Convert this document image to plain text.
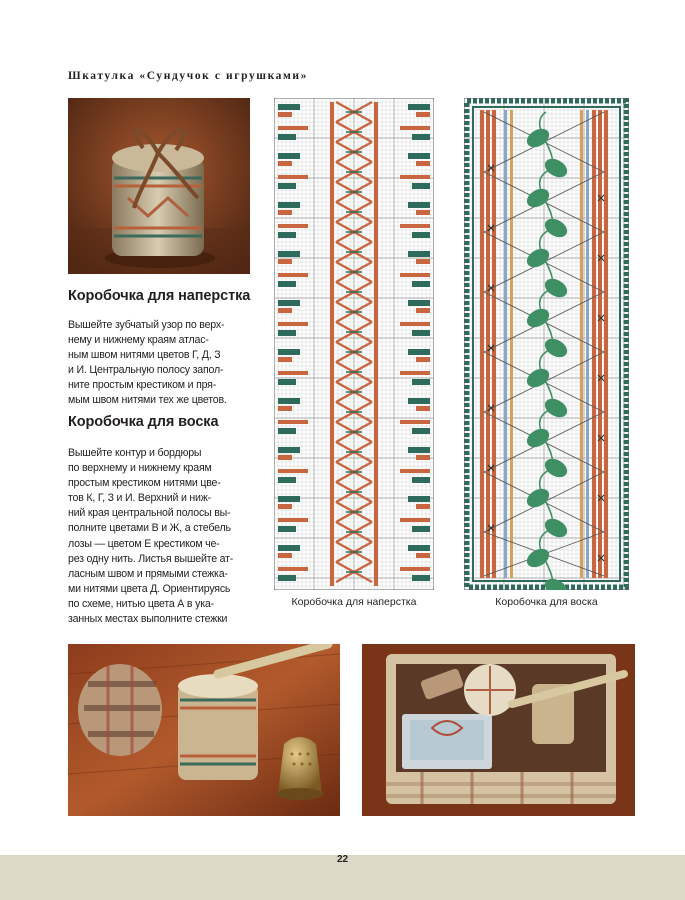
Шкатулка «Сундучок с игрушками»
Коробочка для наперстка
Вышейте зубчатый узор по верх-
нему и нижнему краям атлас-
ным швом нитями цветов Г, Д, З
и И. Центральную полосу запол-
ните простым крестиком и пря-
мым швом нитями тех же цветов.
Коробочка для воска
Вышейте контур и бордюры
по верхнему и нижнему краям
простым крестиком нитями цве-
тов К, Г, З и И. Верхний и ниж-
ний края центральной полосы вы-
полните цветами В и Ж, а стебель
лозы — цветом Е крестиком че-
рез одну нить. Листья вышейте ат-
ласным швом и прямыми стежка-
ми нитями цвета Д. Ориентируясь
по схеме, нитью цвета А в ука-
занных местах выполните стежки
Коробочка для наперстка	Коробочка для воска
22
